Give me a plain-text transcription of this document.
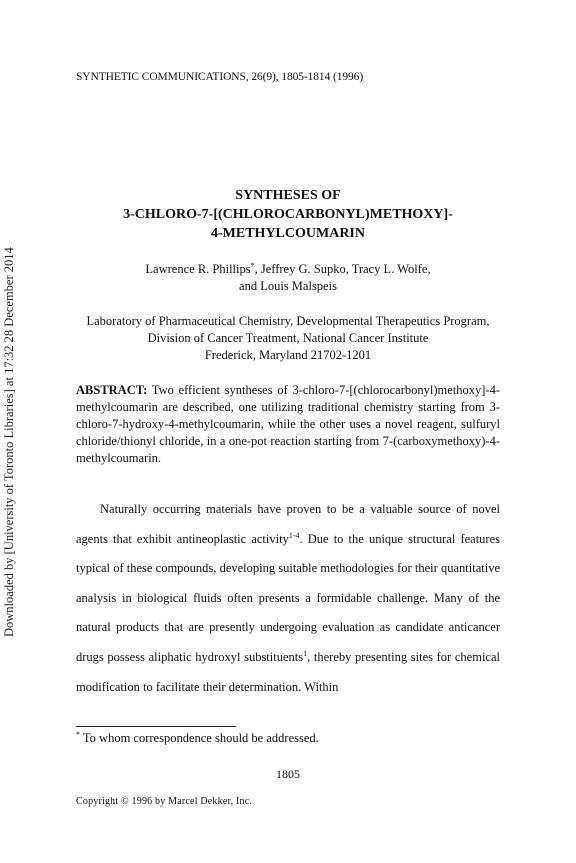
Downloaded by [University of Toronto Libraries] at 17:32 28 December 2014
SYNTHETIC COMMUNICATIONS, 26(9), 1805-1814 (1996)
SYNTHESES OF
3-CHLORO-7-[(CHLOROCARBONYL)METHOXY]-
4-METHYLCOUMARIN
Lawrence R. Phillips*, Jeffrey G. Supko, Tracy L. Wolfe,
and Louis Malspeis
Laboratory of Pharmaceutical Chemistry, Developmental Therapeutics Program,
Division of Cancer Treatment, National Cancer Institute
Frederick, Maryland 21702-1201
ABSTRACT: Two efficient syntheses of 3-chloro-7-[(chlorocarbonyl)methoxy]-4-methylcoumarin are described, one utilizing traditional chemistry starting from 3-chloro-7-hydroxy-4-methylcoumarin, while the other uses a novel reagent, sulfuryl chloride/thionyl chloride, in a one-pot reaction starting from 7-(carboxymethoxy)-4-methylcoumarin.
Naturally occurring materials have proven to be a valuable source of novel agents that exhibit antineoplastic activity$^{1-4}$. Due to the unique structural features typical of these compounds, developing suitable methodologies for their quantitative analysis in biological fluids often presents a formidable challenge. Many of the natural products that are presently undergoing evaluation as candidate anticancer drugs possess aliphatic hydroxyl substituents$^1$, thereby presenting sites for chemical modification to facilitate their determination. Within
* To whom correspondence should be addressed.
1805
Copyright © 1996 by Marcel Dekker, Inc.
